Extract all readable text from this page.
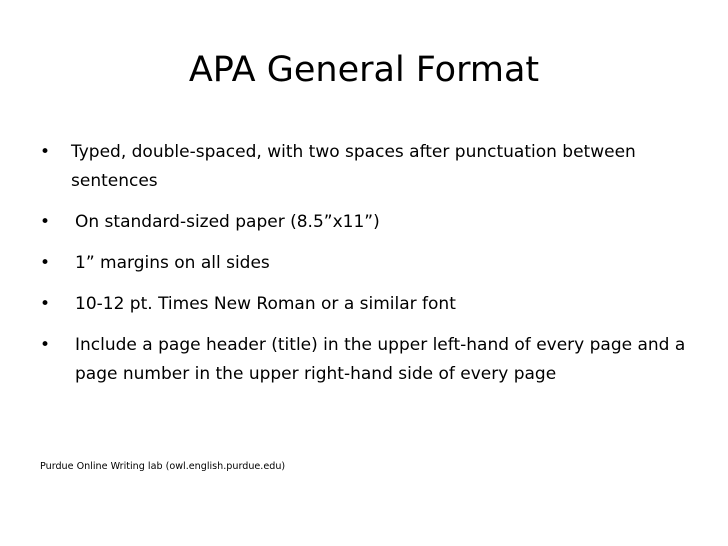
APA General Format
• Typed, double-spaced, with two spaces after punctuation between sentences
• On standard-sized paper (8.5”x11”)
• 1” margins on all sides
• 10-12 pt. Times New Roman or a similar font
• Include a page header (title) in the upper left-hand of every page and a page number in the upper right-hand side of every page

Purdue Online Writing lab (owl.english.purdue.edu)
